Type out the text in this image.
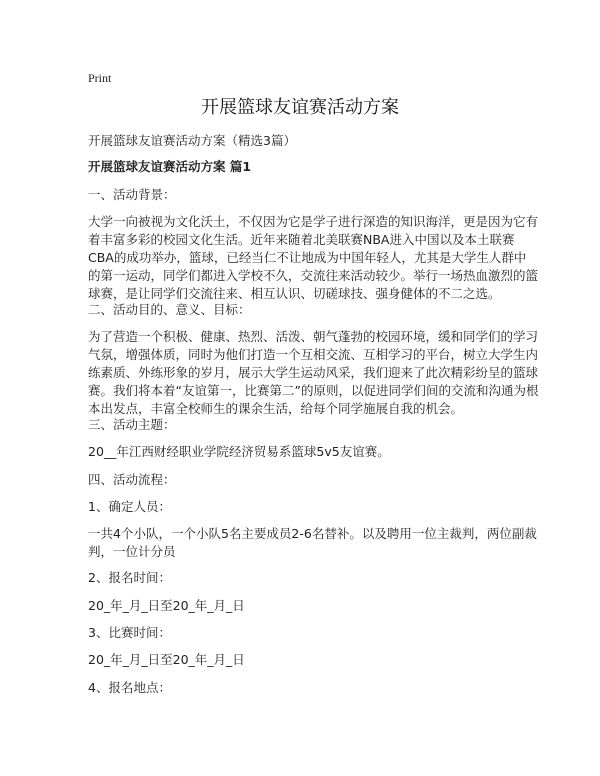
Print
开展篮球友谊赛活动方案
开展篮球友谊赛活动方案（精选3篇）
开展篮球友谊赛活动方案 篇1
一、活动背景：
大学一向被视为文化沃土，不仅因为它是学子进行深造的知识海洋，更是因为它有
着丰富多彩的校园文化生活。近年来随着北美联赛NBA进入中国以及本土联赛
CBA的成功举办，篮球，已经当仁不让地成为中国年轻人，尤其是大学生人群中
的第一运动，同学们都进入学校不久，交流往来活动较少。举行一场热血激烈的篮
球赛，是让同学们交流往来、相互认识、切磋球技、强身健体的不二之选。
二、活动目的、意义、目标：
为了营造一个积极、健康、热烈、活泼、朝气蓬勃的校园环境，缓和同学们的学习
气氛，增强体质，同时为他们打造一个互相交流、互相学习的平台，树立大学生内
练素质、外练形象的岁月，展示大学生运动风采，我们迎来了此次精彩纷呈的篮球
赛。我们将本着“友谊第一，比赛第二”的原则，以促进同学们间的交流和沟通为根
本出发点，丰富全校师生的课余生活，给每个同学施展自我的机会。
三、活动主题：
20__年江西财经职业学院经济贸易系篮球5v5友谊赛。
四、活动流程：
1、确定人员：
一共4个小队，一个小队5名主要成员2-6名替补。以及聘用一位主裁判，两位副裁
判，一位计分员
2、报名时间：
20_年_月_日至20_年_月_日
3、比赛时间：
20_年_月_日至20_年_月_日
4、报名地点：
